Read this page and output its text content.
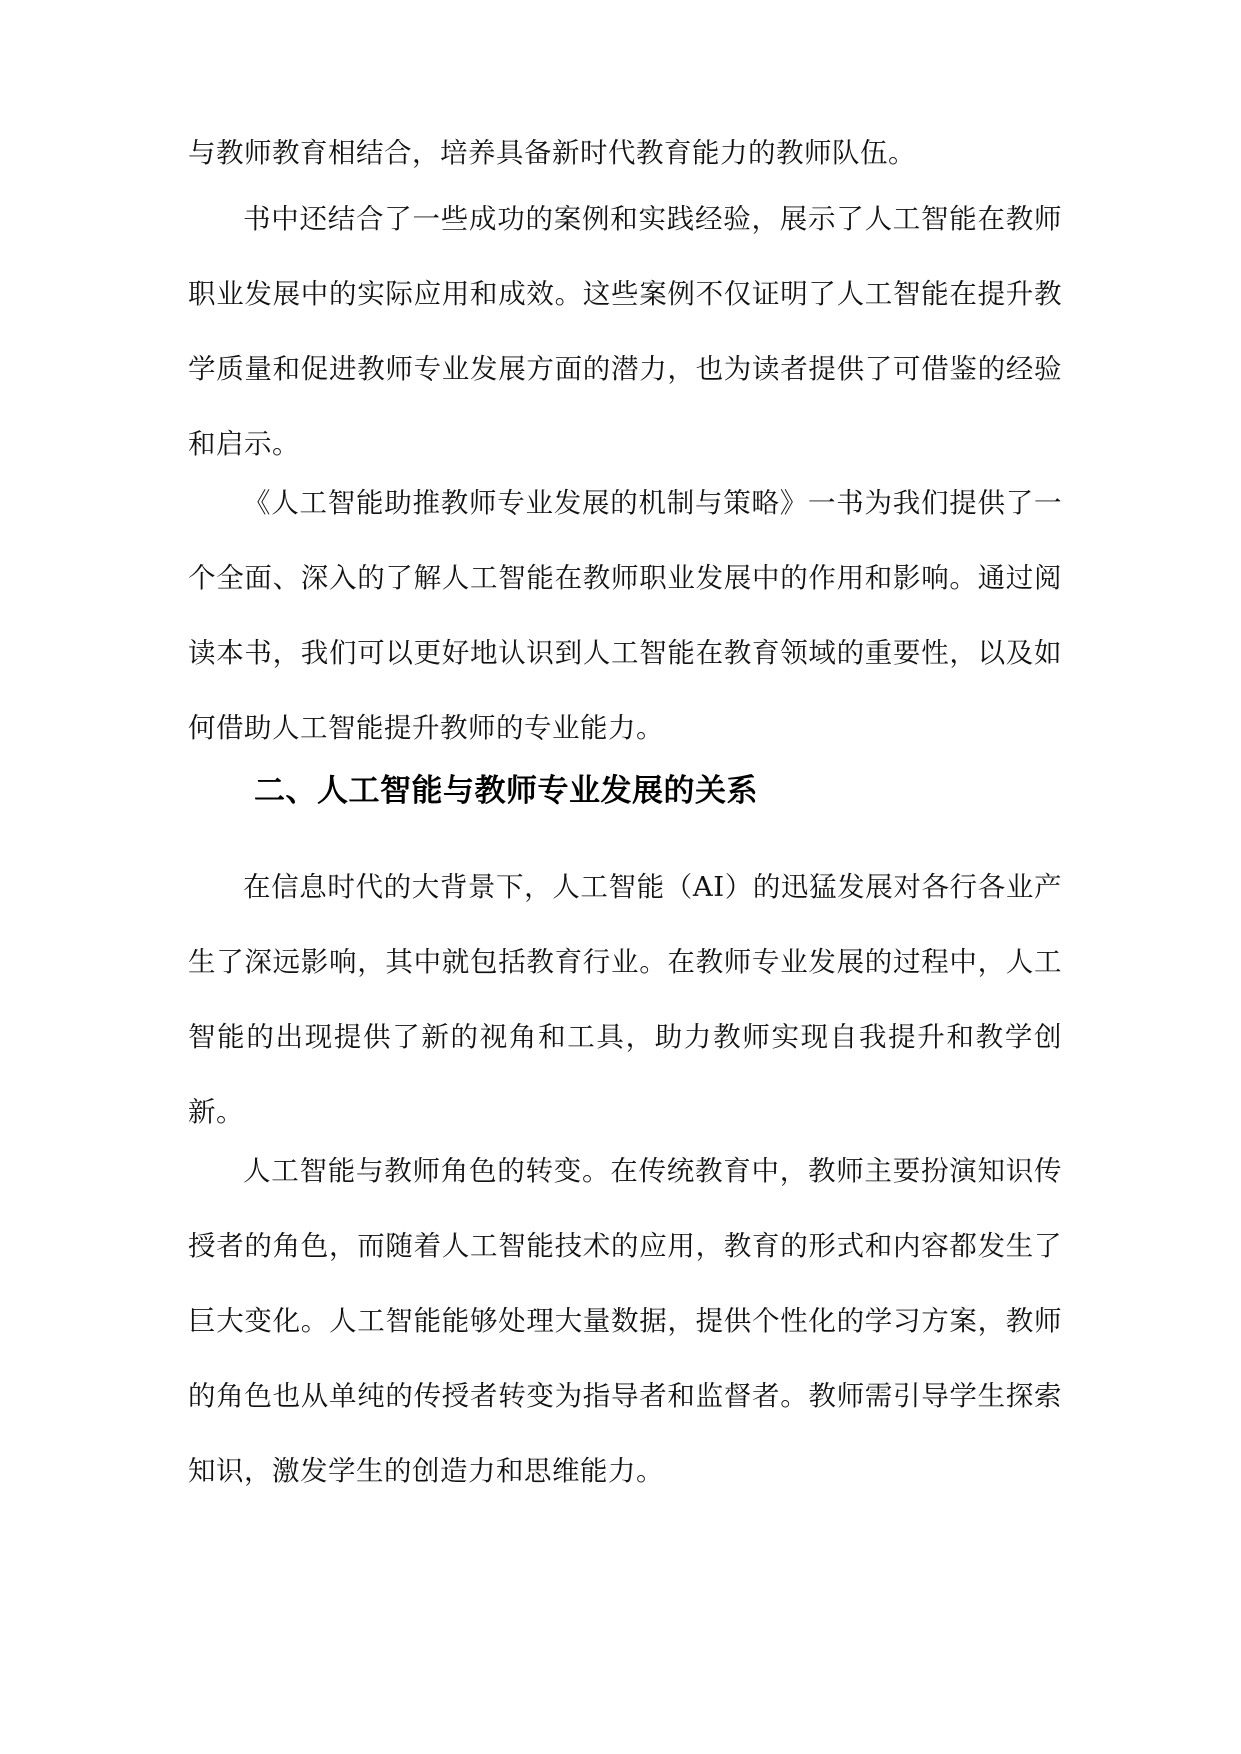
与教师教育相结合，培养具备新时代教育能力的教师队伍。

书中还结合了一些成功的案例和实践经验，展示了人工智能在教师职业发展中的实际应用和成效。这些案例不仅证明了人工智能在提升教学质量和促进教师专业发展方面的潜力，也为读者提供了可借鉴的经验和启示。

《人工智能助推教师专业发展的机制与策略》一书为我们提供了一个全面、深入的了解人工智能在教师职业发展中的作用和影响。通过阅读本书，我们可以更好地认识到人工智能在教育领域的重要性，以及如何借助人工智能提升教师的专业能力。

二、人工智能与教师专业发展的关系

在信息时代的大背景下，人工智能（AI）的迅猛发展对各行各业产生了深远影响，其中就包括教育行业。在教师专业发展的过程中，人工智能的出现提供了新的视角和工具，助力教师实现自我提升和教学创新。

人工智能与教师角色的转变。在传统教育中，教师主要扮演知识传授者的角色，而随着人工智能技术的应用，教育的形式和内容都发生了巨大变化。人工智能能够处理大量数据，提供个性化的学习方案，教师的角色也从单纯的传授者转变为指导者和监督者。教师需引导学生探索知识，激发学生的创造力和思维能力。
